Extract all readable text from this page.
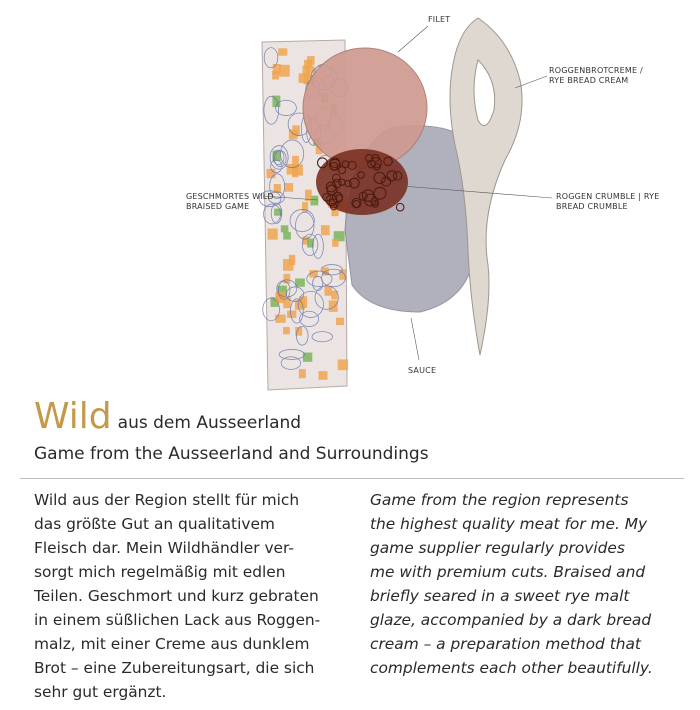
FILET
ROGGENBROTCREME /
RYE BREAD CREAM
GESCHMORTES WILD
BRAISED GAME
ROGGEN CRUMBLE | RYE
BREAD CRUMBLE
SAUCE
Wild aus dem Ausseerland
Game from the Ausseerland and Surroundings
Wild aus der Region stellt für mich
das größte Gut an qualitativem
Fleisch dar. Mein Wildhändler ver-
sorgt mich regelmäßig mit edlen
Teilen. Geschmort und kurz gebraten
in einem süßlichen Lack aus Roggen-
malz, mit einer Creme aus dunklem
Brot – eine Zubereitungsart, die sich
sehr gut ergänzt.
Game from the region represents
the highest quality meat for me. My
game supplier regularly provides
me with premium cuts. Braised and
briefly seared in a sweet rye malt
glaze, accompanied by a dark bread
cream – a preparation method that
complements each other beautifully.
